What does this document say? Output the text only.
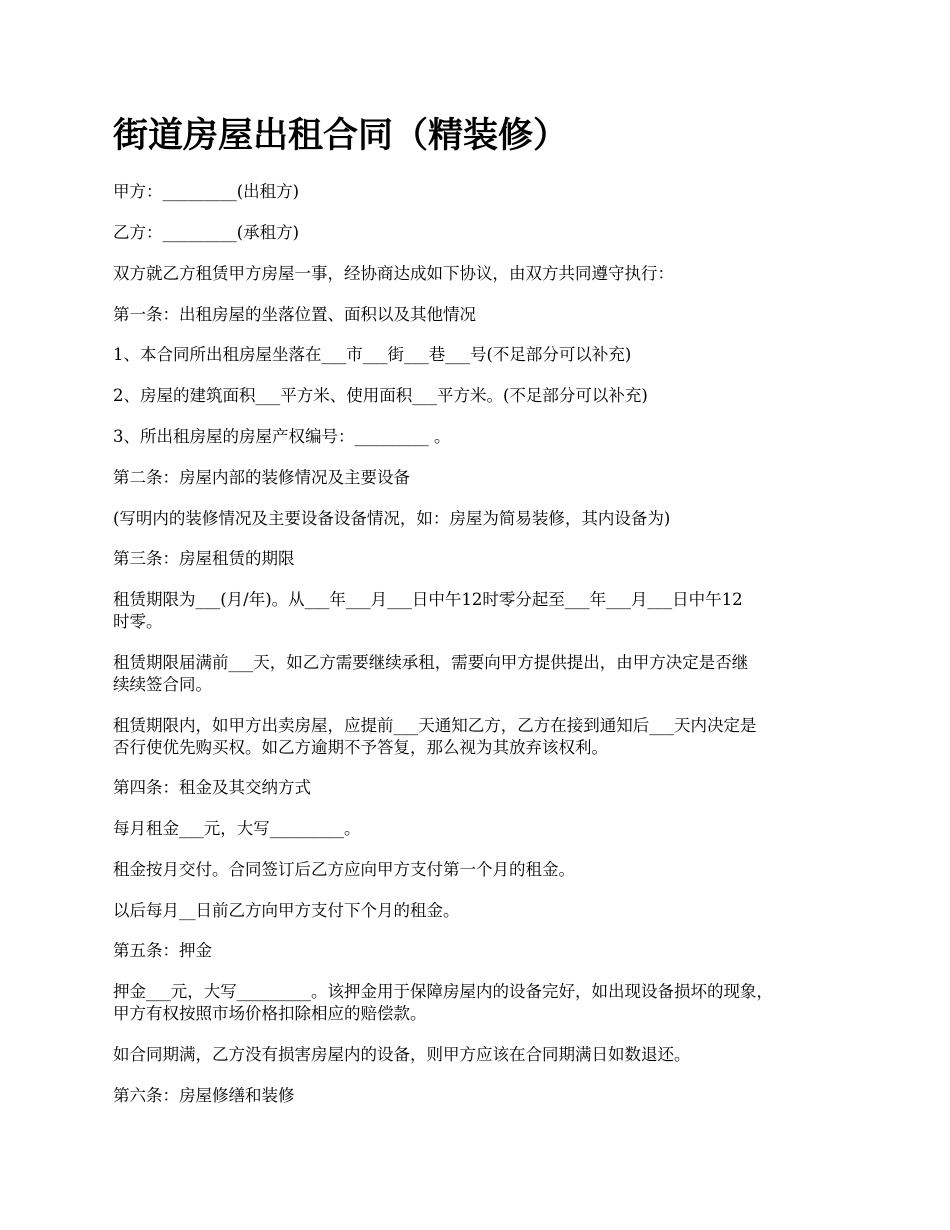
街道房屋出租合同（精装修）

甲方：_________(出租方)

乙方：_________(承租方)

双方就乙方租赁甲方房屋一事，经协商达成如下协议，由双方共同遵守执行：

第一条：出租房屋的坐落位置、面积以及其他情况

1、本合同所出租房屋坐落在___市___街___巷___号(不足部分可以补充)

2、房屋的建筑面积___平方米、使用面积___平方米。(不足部分可以补充)

3、所出租房屋的房屋产权编号：_________ 。

第二条：房屋内部的装修情况及主要设备

(写明内的装修情况及主要设备设备情况，如：房屋为简易装修，其内设备为)

第三条：房屋租赁的期限

租赁期限为___(月/年)。从___年___月___日中午12时零分起至___年___月___日中午12

时零。

租赁期限届满前___天，如乙方需要继续承租，需要向甲方提供提出，由甲方决定是否继

续续签合同。

租赁期限内，如甲方出卖房屋，应提前___天通知乙方，乙方在接到通知后___天内决定是

否行使优先购买权。如乙方逾期不予答复，那么视为其放弃该权利。

第四条：租金及其交纳方式

每月租金___元，大写_________。

租金按月交付。合同签订后乙方应向甲方支付第一个月的租金。

以后每月__日前乙方向甲方支付下个月的租金。

第五条：押金

押金___元，大写_________。该押金用于保障房屋内的设备完好，如出现设备损坏的现象，

甲方有权按照市场价格扣除相应的赔偿款。

如合同期满，乙方没有损害房屋内的设备，则甲方应该在合同期满日如数退还。

第六条：房屋修缮和装修
